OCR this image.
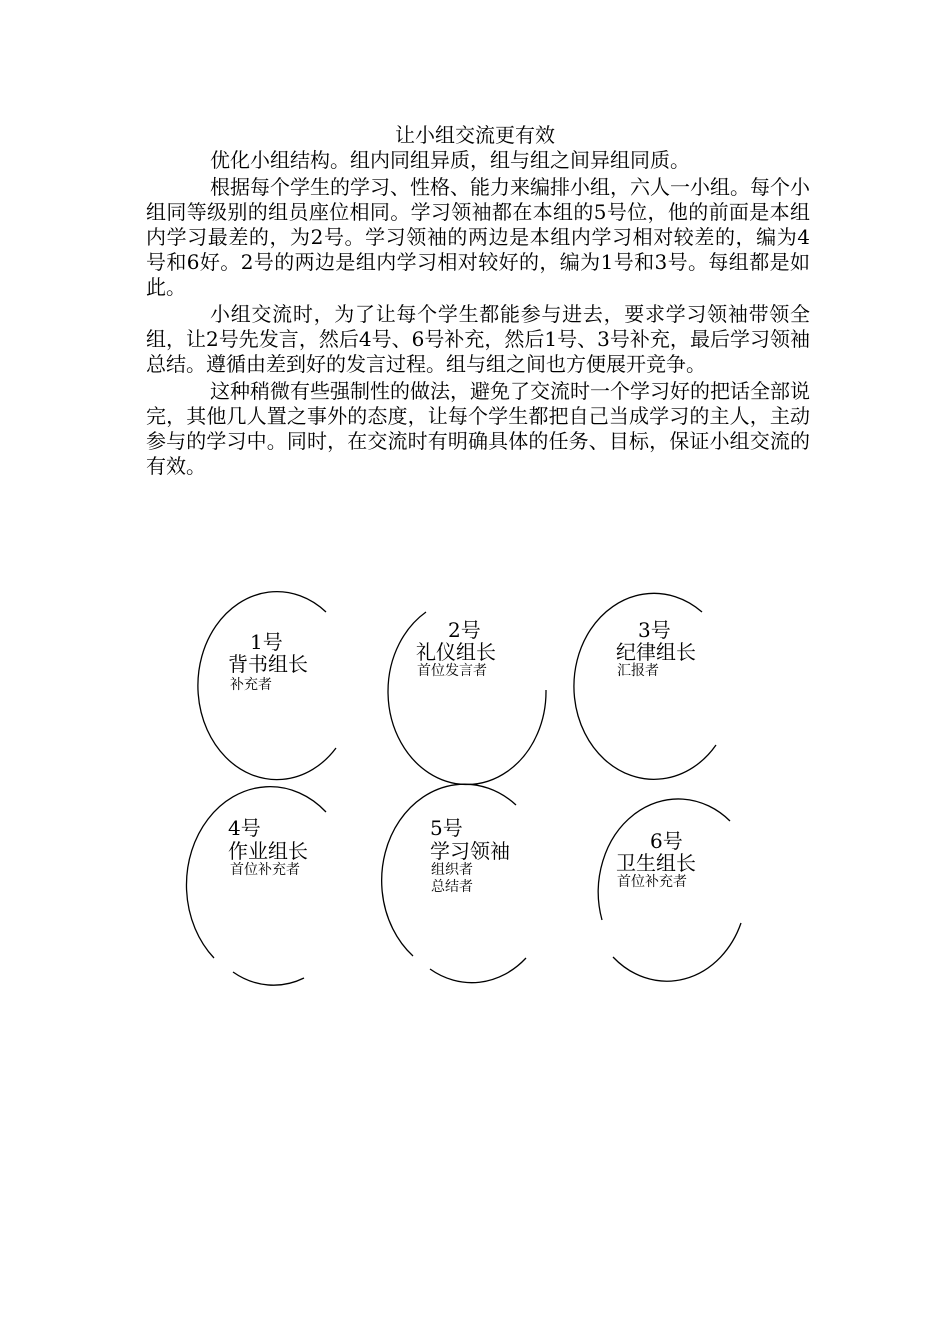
让小组交流更有效

优化小组结构。组内同组异质，组与组之间异组同质。

根据每个学生的学习、性格、能力来编排小组，六人一小组。每个小组同等级别的组员座位相同。学习领袖都在本组的5号位，他的前面是本组内学习最差的，为2号。学习领袖的两边是本组内学习相对较差的，编为4号和6好。2号的两边是组内学习相对较好的，编为1号和3号。每组都是如此。

小组交流时，为了让每个学生都能参与进去，要求学习领袖带领全组，让2号先发言，然后4号、6号补充，然后1号、3号补充，最后学习领袖总结。遵循由差到好的发言过程。组与组之间也方便展开竞争。

这种稍微有些强制性的做法，避免了交流时一个学习好的把话全部说完，其他几人置之事外的态度，让每个学生都把自己当成学习的主人，主动参与的学习中。同时，在交流时有明确具体的任务、目标，保证小组交流的有效。

1号
背书组长
补充者
2号
礼仪组长
首位发言者
3号
纪律组长
汇报者
4号
作业组长
首位补充者
5号
学习领袖
组织者
总结者
6号
卫生组长
首位补充者
